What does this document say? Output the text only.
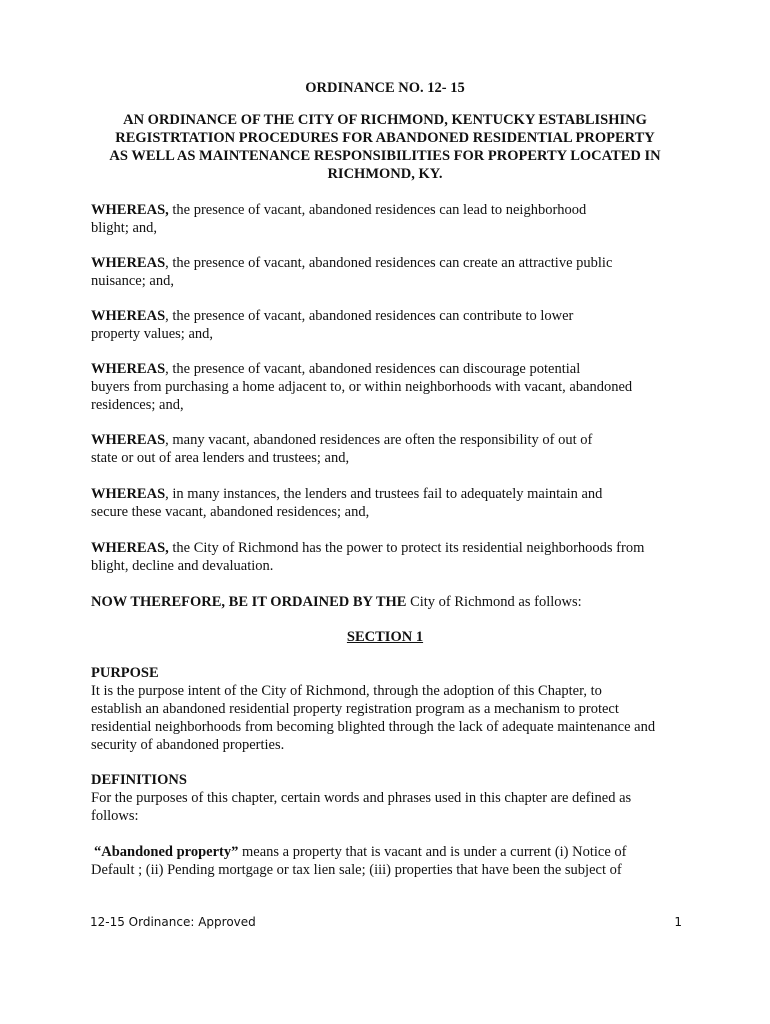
ORDINANCE NO. 12- 15
AN ORDINANCE OF THE CITY OF RICHMOND, KENTUCKY ESTABLISHING
REGISTRTATION PROCEDURES FOR ABANDONED RESIDENTIAL PROPERTY
AS WELL AS MAINTENANCE RESPONSIBILITIES FOR PROPERTY LOCATED IN
RICHMOND, KY.
WHEREAS, the presence of vacant, abandoned residences can lead to neighborhood
blight; and,
WHEREAS, the presence of vacant, abandoned residences can create an attractive public
nuisance; and,
WHEREAS, the presence of vacant, abandoned residences can contribute to lower
property values; and,
WHEREAS, the presence of vacant, abandoned residences can discourage potential
buyers from purchasing a home adjacent to, or within neighborhoods with vacant, abandoned
residences; and,
WHEREAS, many vacant, abandoned residences are often the responsibility of out of
state or out of area lenders and trustees; and,
WHEREAS, in many instances, the lenders and trustees fail to adequately maintain and
secure these vacant, abandoned residences; and,
WHEREAS, the City of Richmond has the power to protect its residential neighborhoods from
blight, decline and devaluation.
NOW THEREFORE, BE IT ORDAINED BY THE City of Richmond as follows:
SECTION 1
PURPOSE
It is the purpose intent of the City of Richmond, through the adoption of this Chapter, to
establish an abandoned residential property registration program as a mechanism to protect
residential neighborhoods from becoming blighted through the lack of adequate maintenance and
security of abandoned properties.
DEFINITIONS
For the purposes of this chapter, certain words and phrases used in this chapter are defined as
follows:
“Abandoned property” means a property that is vacant and is under a current (i) Notice of
Default ; (ii) Pending mortgage or tax lien sale; (iii) properties that have been the subject of
12-15 Ordinance: Approved	1
